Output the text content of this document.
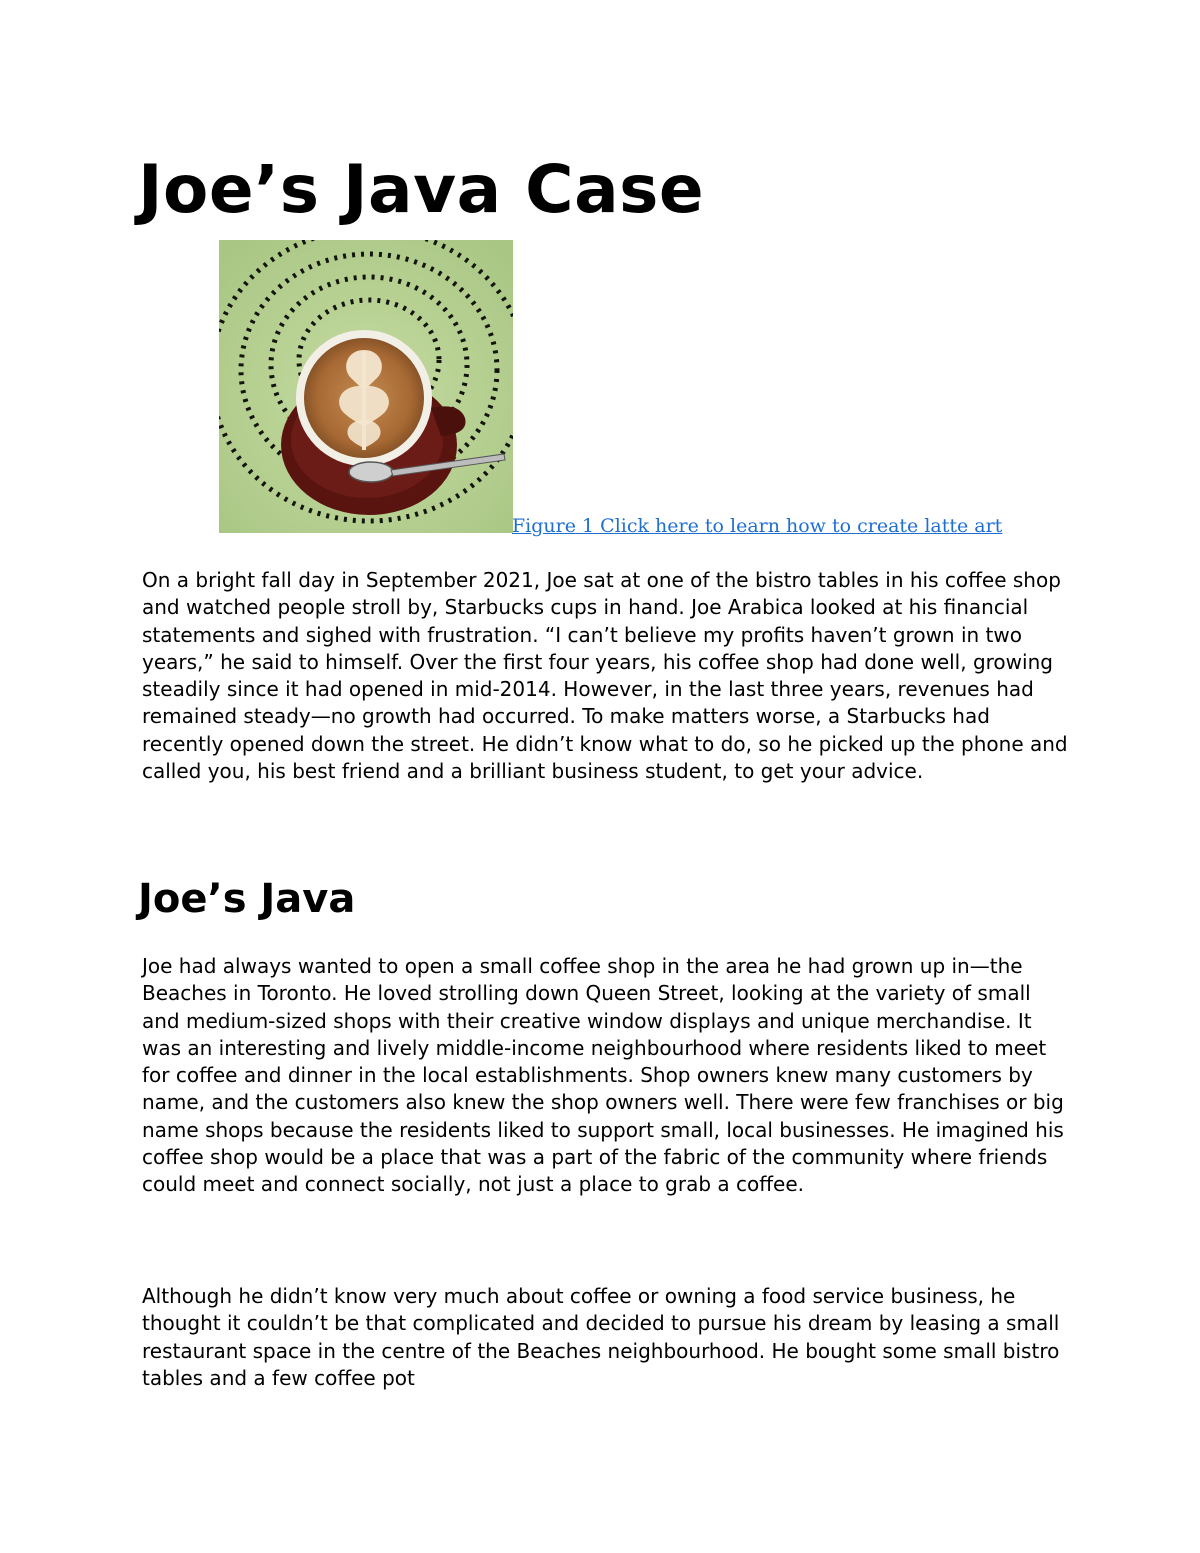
Joe’s Java Case
Figure 1 Click here to learn how to create latte art

On a bright fall day in September 2021, Joe sat at one of the bistro tables in his coffee shop and watched people stroll by, Starbucks cups in hand. Joe Arabica looked at his financial statements and sighed with frustration. “I can’t believe my profits haven’t grown in two years,” he said to himself. Over the first four years, his coffee shop had done well, growing steadily since it had opened in mid-2014. However, in the last three years, revenues had remained steady—no growth had occurred. To make matters worse, a Starbucks had recently opened down the street. He didn’t know what to do, so he picked up the phone and called you, his best friend and a brilliant business student, to get your advice.

Joe’s Java

Joe had always wanted to open a small coffee shop in the area he had grown up in—the Beaches in Toronto. He loved strolling down Queen Street, looking at the variety of small and medium-sized shops with their creative window displays and unique merchandise. It was an interesting and lively middle-income neighbourhood where residents liked to meet for coffee and dinner in the local establishments. Shop owners knew many customers by name, and the customers also knew the shop owners well. There were few franchises or big name shops because the residents liked to support small, local businesses. He imagined his coffee shop would be a place that was a part of the fabric of the community where friends could meet and connect socially, not just a place to grab a coffee.

Although he didn’t know very much about coffee or owning a food service business, he thought it couldn’t be that complicated and decided to pursue his dream by leasing a small restaurant space in the centre of the Beaches neighbourhood. He bought some small bistro tables and a few coffee pot
